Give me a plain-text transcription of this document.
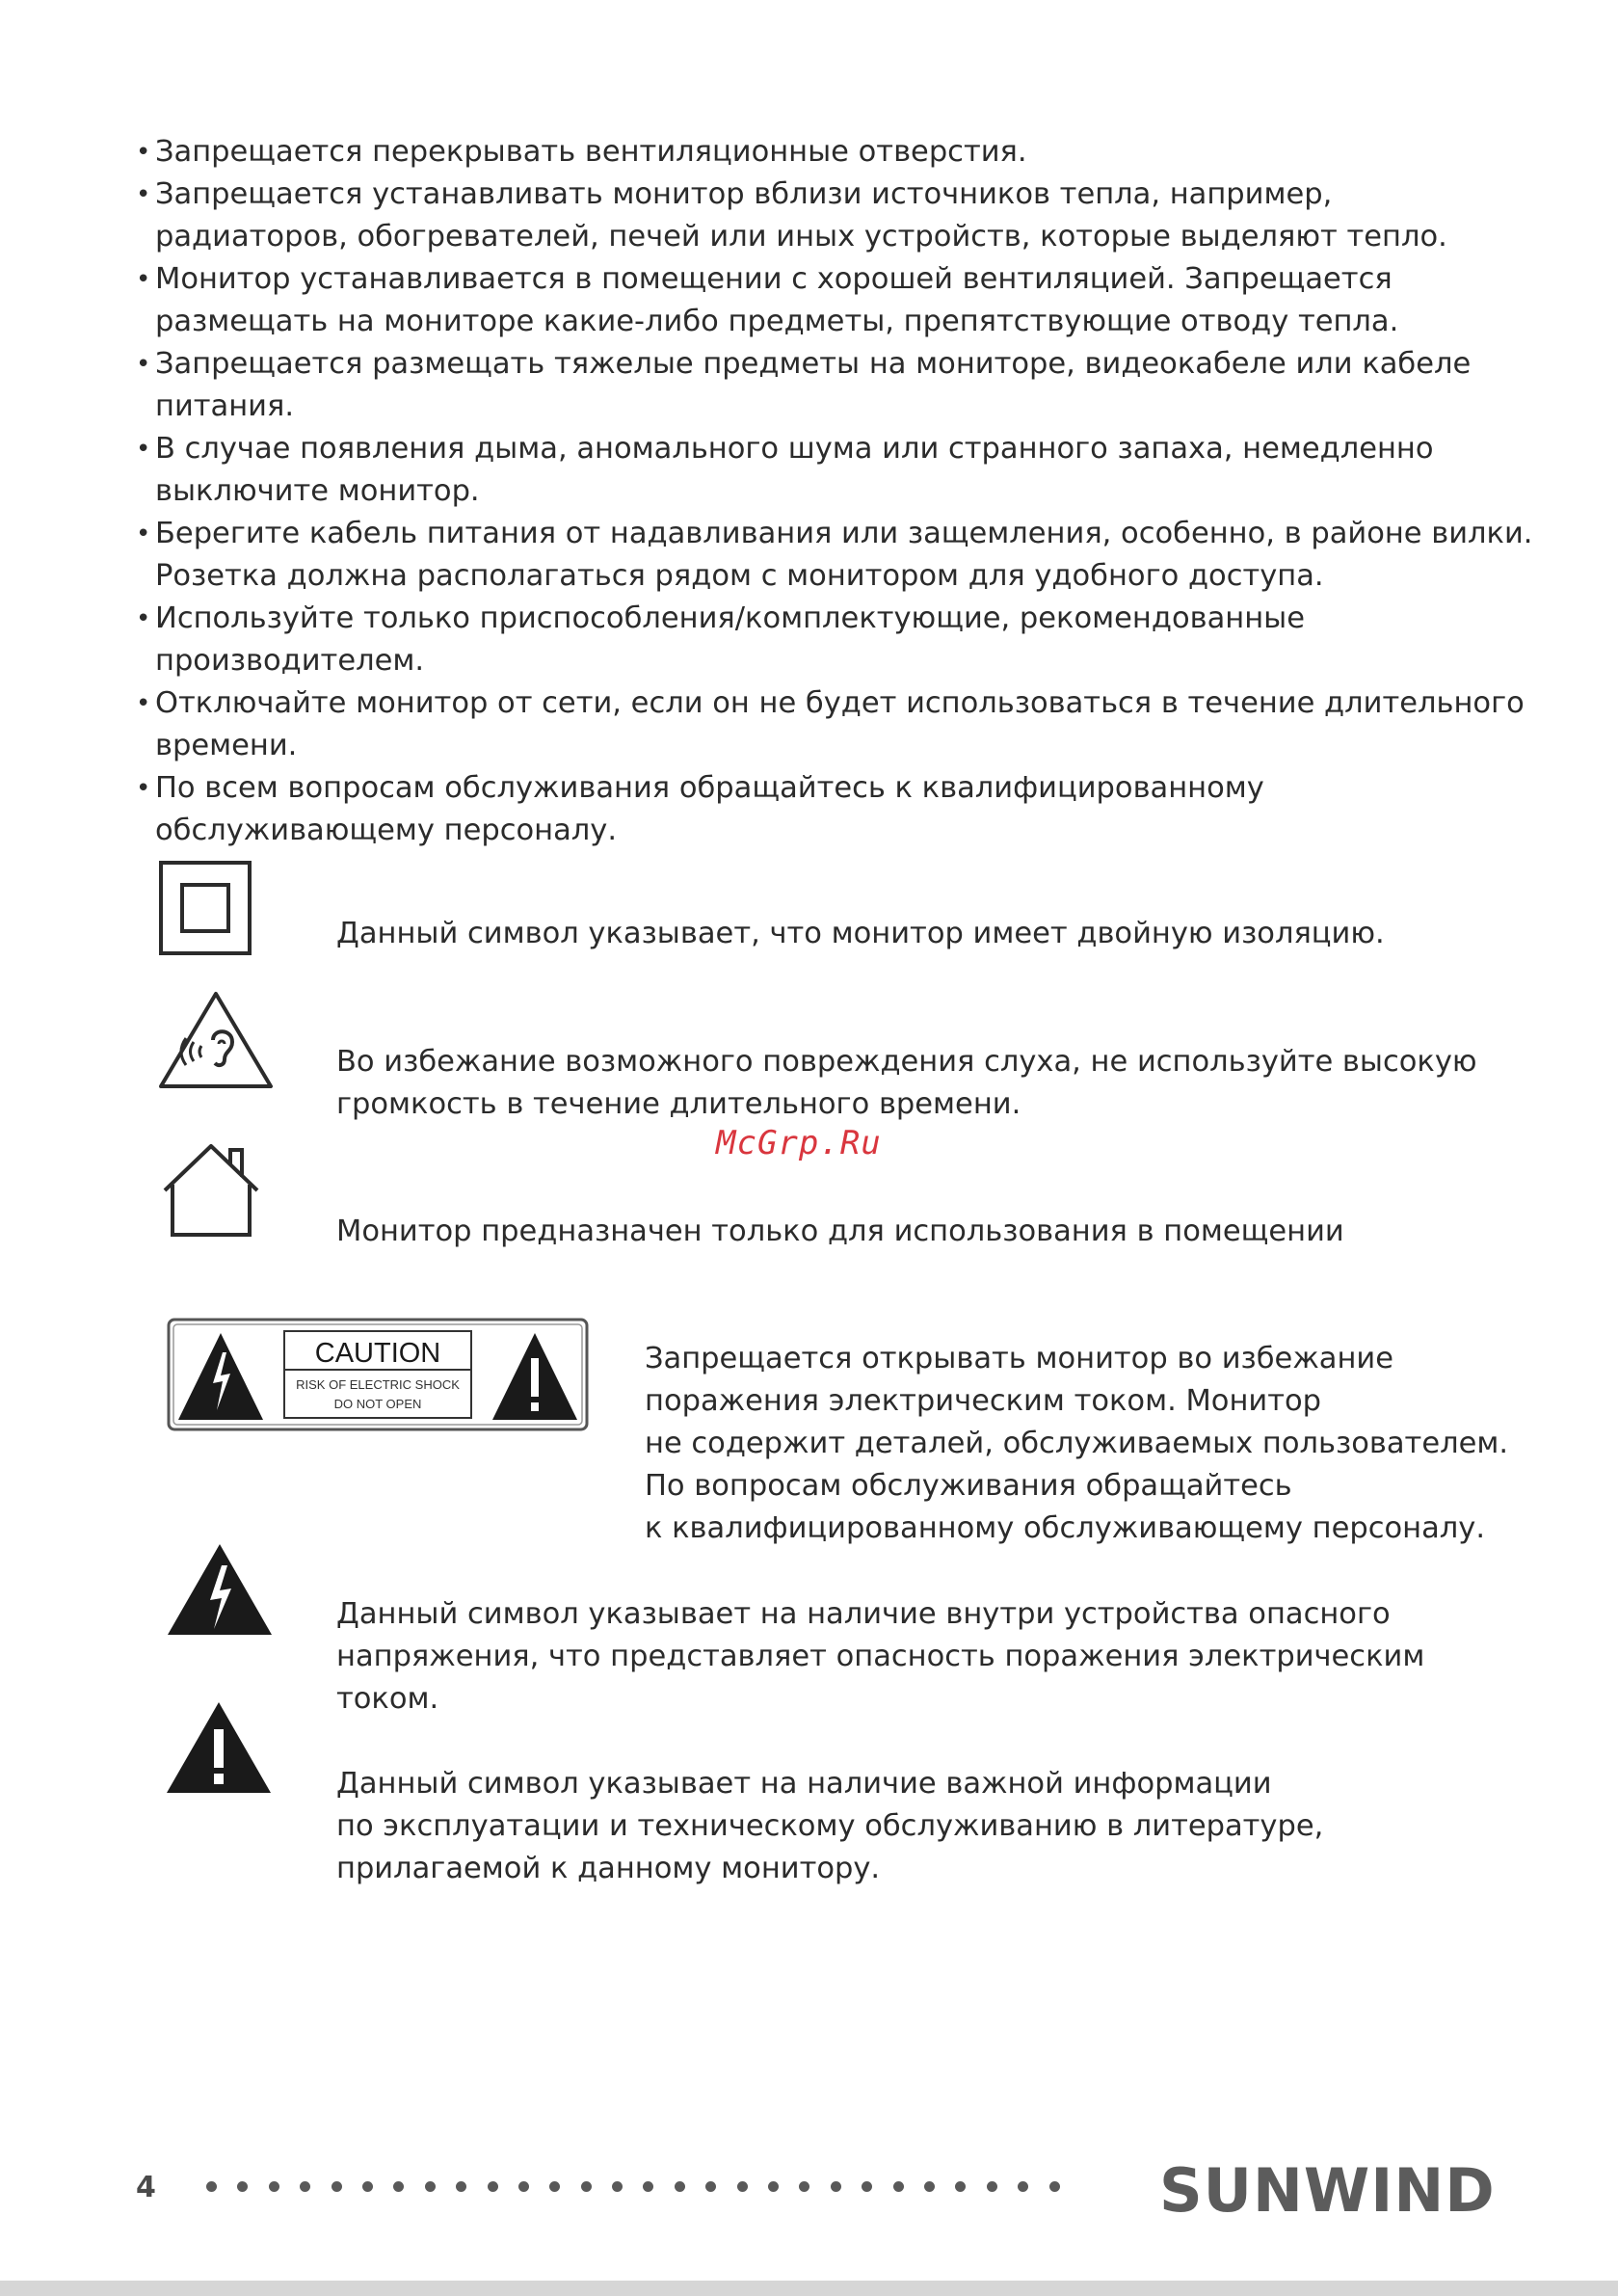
• Запрещается перекрывать вентиляционные отверстия.
• Запрещается устанавливать монитор вблизи источников тепла, например,
радиаторов, обогревателей, печей или иных устройств, которые выделяют тепло.
• Монитор устанавливается в помещении с хорошей вентиляцией. Запрещается
размещать на мониторе какие-либо предметы, препятствующие отводу тепла.
• Запрещается размещать тяжелые предметы на мониторе, видеокабеле или кабеле
питания.
• В случае появления дыма, аномального шума или странного запаха, немедленно
выключите монитор.
• Берегите кабель питания от надавливания или защемления, особенно, в районе вилки.
Розетка должна располагаться рядом с монитором для удобного доступа.
• Используйте только приспособления/комплектующие, рекомендованные
производителем.
• Отключайте монитор от сети, если он не будет использоваться в течение длительного
времени.
• По всем вопросам обслуживания обращайтесь к квалифицированному
обслуживающему персоналу.
Данный символ указывает, что монитор имеет двойную изоляцию.
Во избежание возможного повреждения слуха, не используйте высокую
громкость в течение длительного времени.
McGrp.Ru
Монитор предназначен только для использования в помещении
CAUTION
RISK OF ELECTRIC SHOCK
DO NOT OPEN
Запрещается открывать монитор во избежание
поражения электрическим током. Монитор
не содержит деталей, обслуживаемых пользователем.
По вопросам обслуживания обращайтесь
к квалифицированному обслуживающему персоналу.
Данный символ указывает на наличие внутри устройства опасного
напряжения, что представляет опасность поражения электрическим
током.
Данный символ указывает на наличие важной информации
по эксплуатации и техническому обслуживанию в литературе,
прилагаемой к данному монитору.
4	SUNWIND
